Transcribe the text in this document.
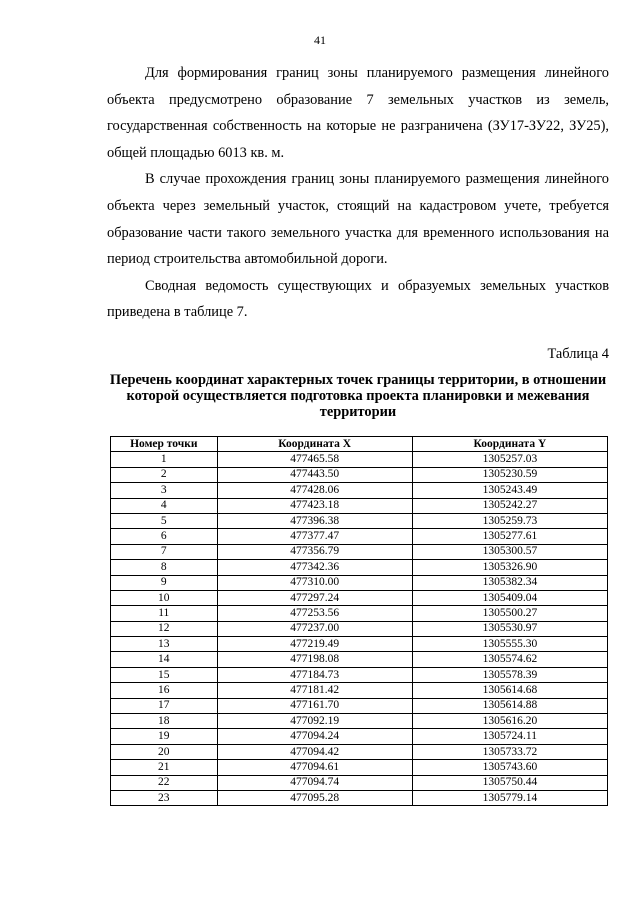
41

Для формирования границ зоны планируемого размещения линейного объекта предусмотрено образование 7 земельных участков из земель, государственная собственность на которые не разграничена (ЗУ17-ЗУ22, ЗУ25), общей площадью 6013 кв. м.

В случае прохождения границ зоны планируемого размещения линейного объекта через земельный участок, стоящий на кадастровом учете, требуется образование части такого земельного участка для временного использования на период строительства автомобильной дороги.

Сводная ведомость существующих и образуемых земельных участков приведена в таблице 7.

Таблица 4
Перечень координат характерных точек границы территории, в отношении которой осуществляется подготовка проекта планировки и межевания территории
Номер точки	Координата X	Координата Y
1	477465.58	1305257.03
2	477443.50	1305230.59
3	477428.06	1305243.49
4	477423.18	1305242.27
5	477396.38	1305259.73
6	477377.47	1305277.61
7	477356.79	1305300.57
8	477342.36	1305326.90
9	477310.00	1305382.34
10	477297.24	1305409.04
11	477253.56	1305500.27
12	477237.00	1305530.97
13	477219.49	1305555.30
14	477198.08	1305574.62
15	477184.73	1305578.39
16	477181.42	1305614.68
17	477161.70	1305614.88
18	477092.19	1305616.20
19	477094.24	1305724.11
20	477094.42	1305733.72
21	477094.61	1305743.60
22	477094.74	1305750.44
23	477095.28	1305779.14
